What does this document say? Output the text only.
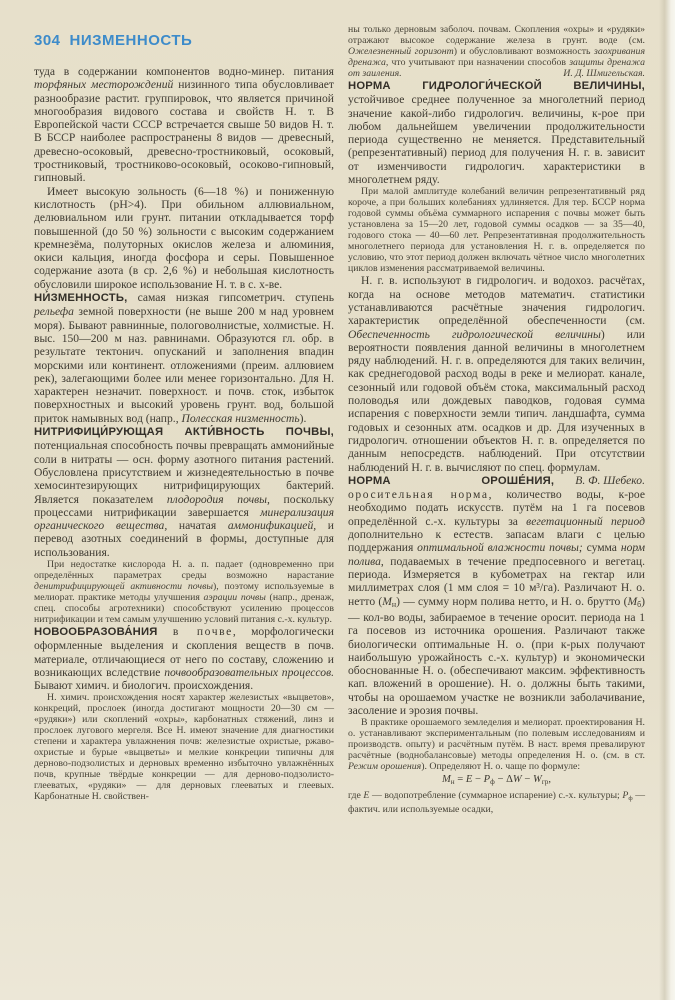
304 НИЗМЕННОСТЬ

туда в содержании компонентов водно-минер. питания торфяных месторождений низинного типа обусловливает разнообразие растит. группировок, что является причиной многообразия видового состава и свойств Н. т. В Европейской части СССР встречается свыше 50 видов Н. т. В БССР наиболее распространены 8 видов — древесный, древесно-осоковый, древесно-тростниковый, осоковый, тростниковый, тростниково-осоковый, осоково-гипновый, гипновый.

Имеет высокую зольность (6—18 %) и пониженную кислотность (pH>4). При обильном аллювиальном, делювиальном или грунт. питании откладывается торф повышенной (до 50 %) зольности с высоким содержанием кремнезёма, полуторных окислов железа и алюминия, окиси кальция, иногда фосфора и серы. Повышенное содержание азота (в ср. 2,6 %) и небольшая кислотность обусловили широкое использование Н. т. в с. х-ве.

НИ́ЗМЕННОСТЬ, самая низкая гипсометрич. ступень рельефа земной поверхности (не выше 200 м над уровнем моря). Бывают равнинные, пологоволнистые, холмистые. Н. выс. 150—200 м наз. равнинами. Образуются гл. обр. в результате тектонич. опусканий и заполнения впадин морскими или континент. отложениями (преим. аллювием рек), залегающими более или менее горизонтально. Для Н. характерен незначит. поверхност. и почв. сток, избыток поверхностных и высокий уровень грунт. вод, большой приток намывных вод (напр., Полесская низменность).

НИТРИФИЦИ́РУЮЩАЯ АКТИ́ВНОСТЬ ПОЧВЫ, потенциальная способность почвы превращать аммонийные соли в нитраты — осн. форму азотного питания растений. Обусловлена присутствием и жизнедеятельностью в почве хемосинтезирующих нитрифицирующих бактерий. Является показателем плодородия почвы, поскольку процессами нитрификации завершается минерализация органического вещества, начатая аммонификацией, и перевод азотных соединений в формы, доступные для использования.

При недостатке кислорода Н. а. п. падает (одновременно при определённых параметрах среды возможно нарастание денитрифицирующей активности почвы), поэтому используемые в мелиорат. практике методы улучшения аэрации почвы (напр., дренаж, спец. способы агротехники) способствуют усилению процессов нитрификации и тем самым улучшению условий питания с.-х. культур.

НОВООБРАЗОВА́НИЯ в почве, морфологически оформленные выделения и скопления веществ в почв. материале, отличающиеся от него по составу, сложению и возникающих вследствие почвообразовательных процессов. Бывают химич. и биологич. происхождения.

Н. химич. происхождения носят характер железистых «выцветов», конкреций, прослоек (иногда достигают мощности 20—30 см — «рудяки») или скоплений «охры», карбонатных стяжений, линз и прослоек лугового мергеля. Все Н. имеют значение для диагностики степени и характера увлажнения почв: железистые охристые, ржаво-охристые и бурые «выцветы» и мелкие конкреции типичны для дерново-подзолистых и дерновых временно избыточно увлажнённых почв, крупные твёрдые конкреции — для дерново-подзолисто-глееватых, «рудяки» — для дерновых глееватых и глеевых. Карбонатные Н. свойствен-

ны только дерновым заболоч. почвам. Скопления «охры» и «рудяки» отражают высокое содержание железа в грунт. воде (см. Ожелезненный горизонт) и обусловливают возможность заохривания дренажа, что учитывают при назначении способов защиты дренажа от заиления.	И. Д. Шмигельская.

НОРМА ГИДРОЛОГИ́ЧЕСКОЙ ВЕЛИЧИНЫ, устойчивое среднее полученное за многолетний период значение какой-либо гидрологич. величины, к-рое при любом дальнейшем увеличении продолжительности периода существенно не меняется. Представительный (репрезентативный) период для получения Н. г. в. зависит от изменчивости гидрологич. характеристики в многолетнем ряду.

При малой амплитуде колебаний величин репрезентативный ряд короче, а при больших колебаниях удлиняется. Для тер. БССР норма годовой суммы объёма суммарного испарения с почвы может быть установлена за 15—20 лет, годовой суммы осадков — за 35—40, годового стока — 40—60 лет. Репрезентативная продолжительность многолетнего периода для установления Н. г. в. определяется по условию, что этот период должен включать чётное число многолетних циклов изменения рассматриваемой величины.

Н. г. в. используют в гидрологич. и водохоз. расчётах, когда на основе методов математич. статистики устанавливаются расчётные значения гидрологич. характеристик определённой обеспеченности (см. Обеспеченность гидрологической величины) или вероятности появления данной величины в многолетнем ряду наблюдений. Н. г. в. определяются для таких величин, как среднегодовой расход воды в реке и мелиорат. канале, сезонный или годовой объём стока, максимальный расход половодья или дождевых паводков, годовая сумма испарения с поверхности земли типич. ландшафта, сумма годовых и сезонных атм. осадков и др. Для изученных в гидрологич. отношении объектов Н. г. в. определяется по данным непосредств. наблюдений. При отсутствии наблюдений Н. г. в. вычисляют по спец. формулам.
В. Ф. Шебеко.

НОРМА ОРОШЕ́НИЯ, оросительная норма, количество воды, к-рое необходимо подать искусств. путём на 1 га посевов определённой с.-х. культуры за вегетационный период дополнительно к естеств. запасам влаги с целью поддержания оптимальной влажности почвы; сумма норм полива, подаваемых в течение предпосевного и вегетац. периода. Измеряется в кубометрах на гектар или миллиметрах слоя (1 мм слоя = 10 м³/га). Различают Н. о. нетто (Mн) — сумму норм полива нетто, и Н. о. брутто (Mб) — кол-во воды, забираемое в течение оросит. периода на 1 га посевов из источника орошения. Различают также биологически оптимальные Н. о. (при к-рых получают наибольшую урожайность с.-х. культур) и экономически обоснованные Н. о. (обеспечивают максим. эффективность кап. вложений в орошение). Н. о. должны быть такими, чтобы на орошаемом участке не возникли заболачивание, засоление и эрозия почвы.

В практике орошаемого земледелия и мелиорат. проектирования Н. о. устанавливают экспериментальным (по полевым исследованиям и производств. опыту) и расчётным путём. В наст. время превалируют расчётные (воднобалансовые) методы определения Н. о. (см. в ст. Режим орошения). Определяют Н. о. чаще по формуле:

Mн = E − Pф − ΔW − Wгр,

где E — водопотребление (суммарное испарение) с.-х. культуры; Pф — фактич. или используемые осадки,
